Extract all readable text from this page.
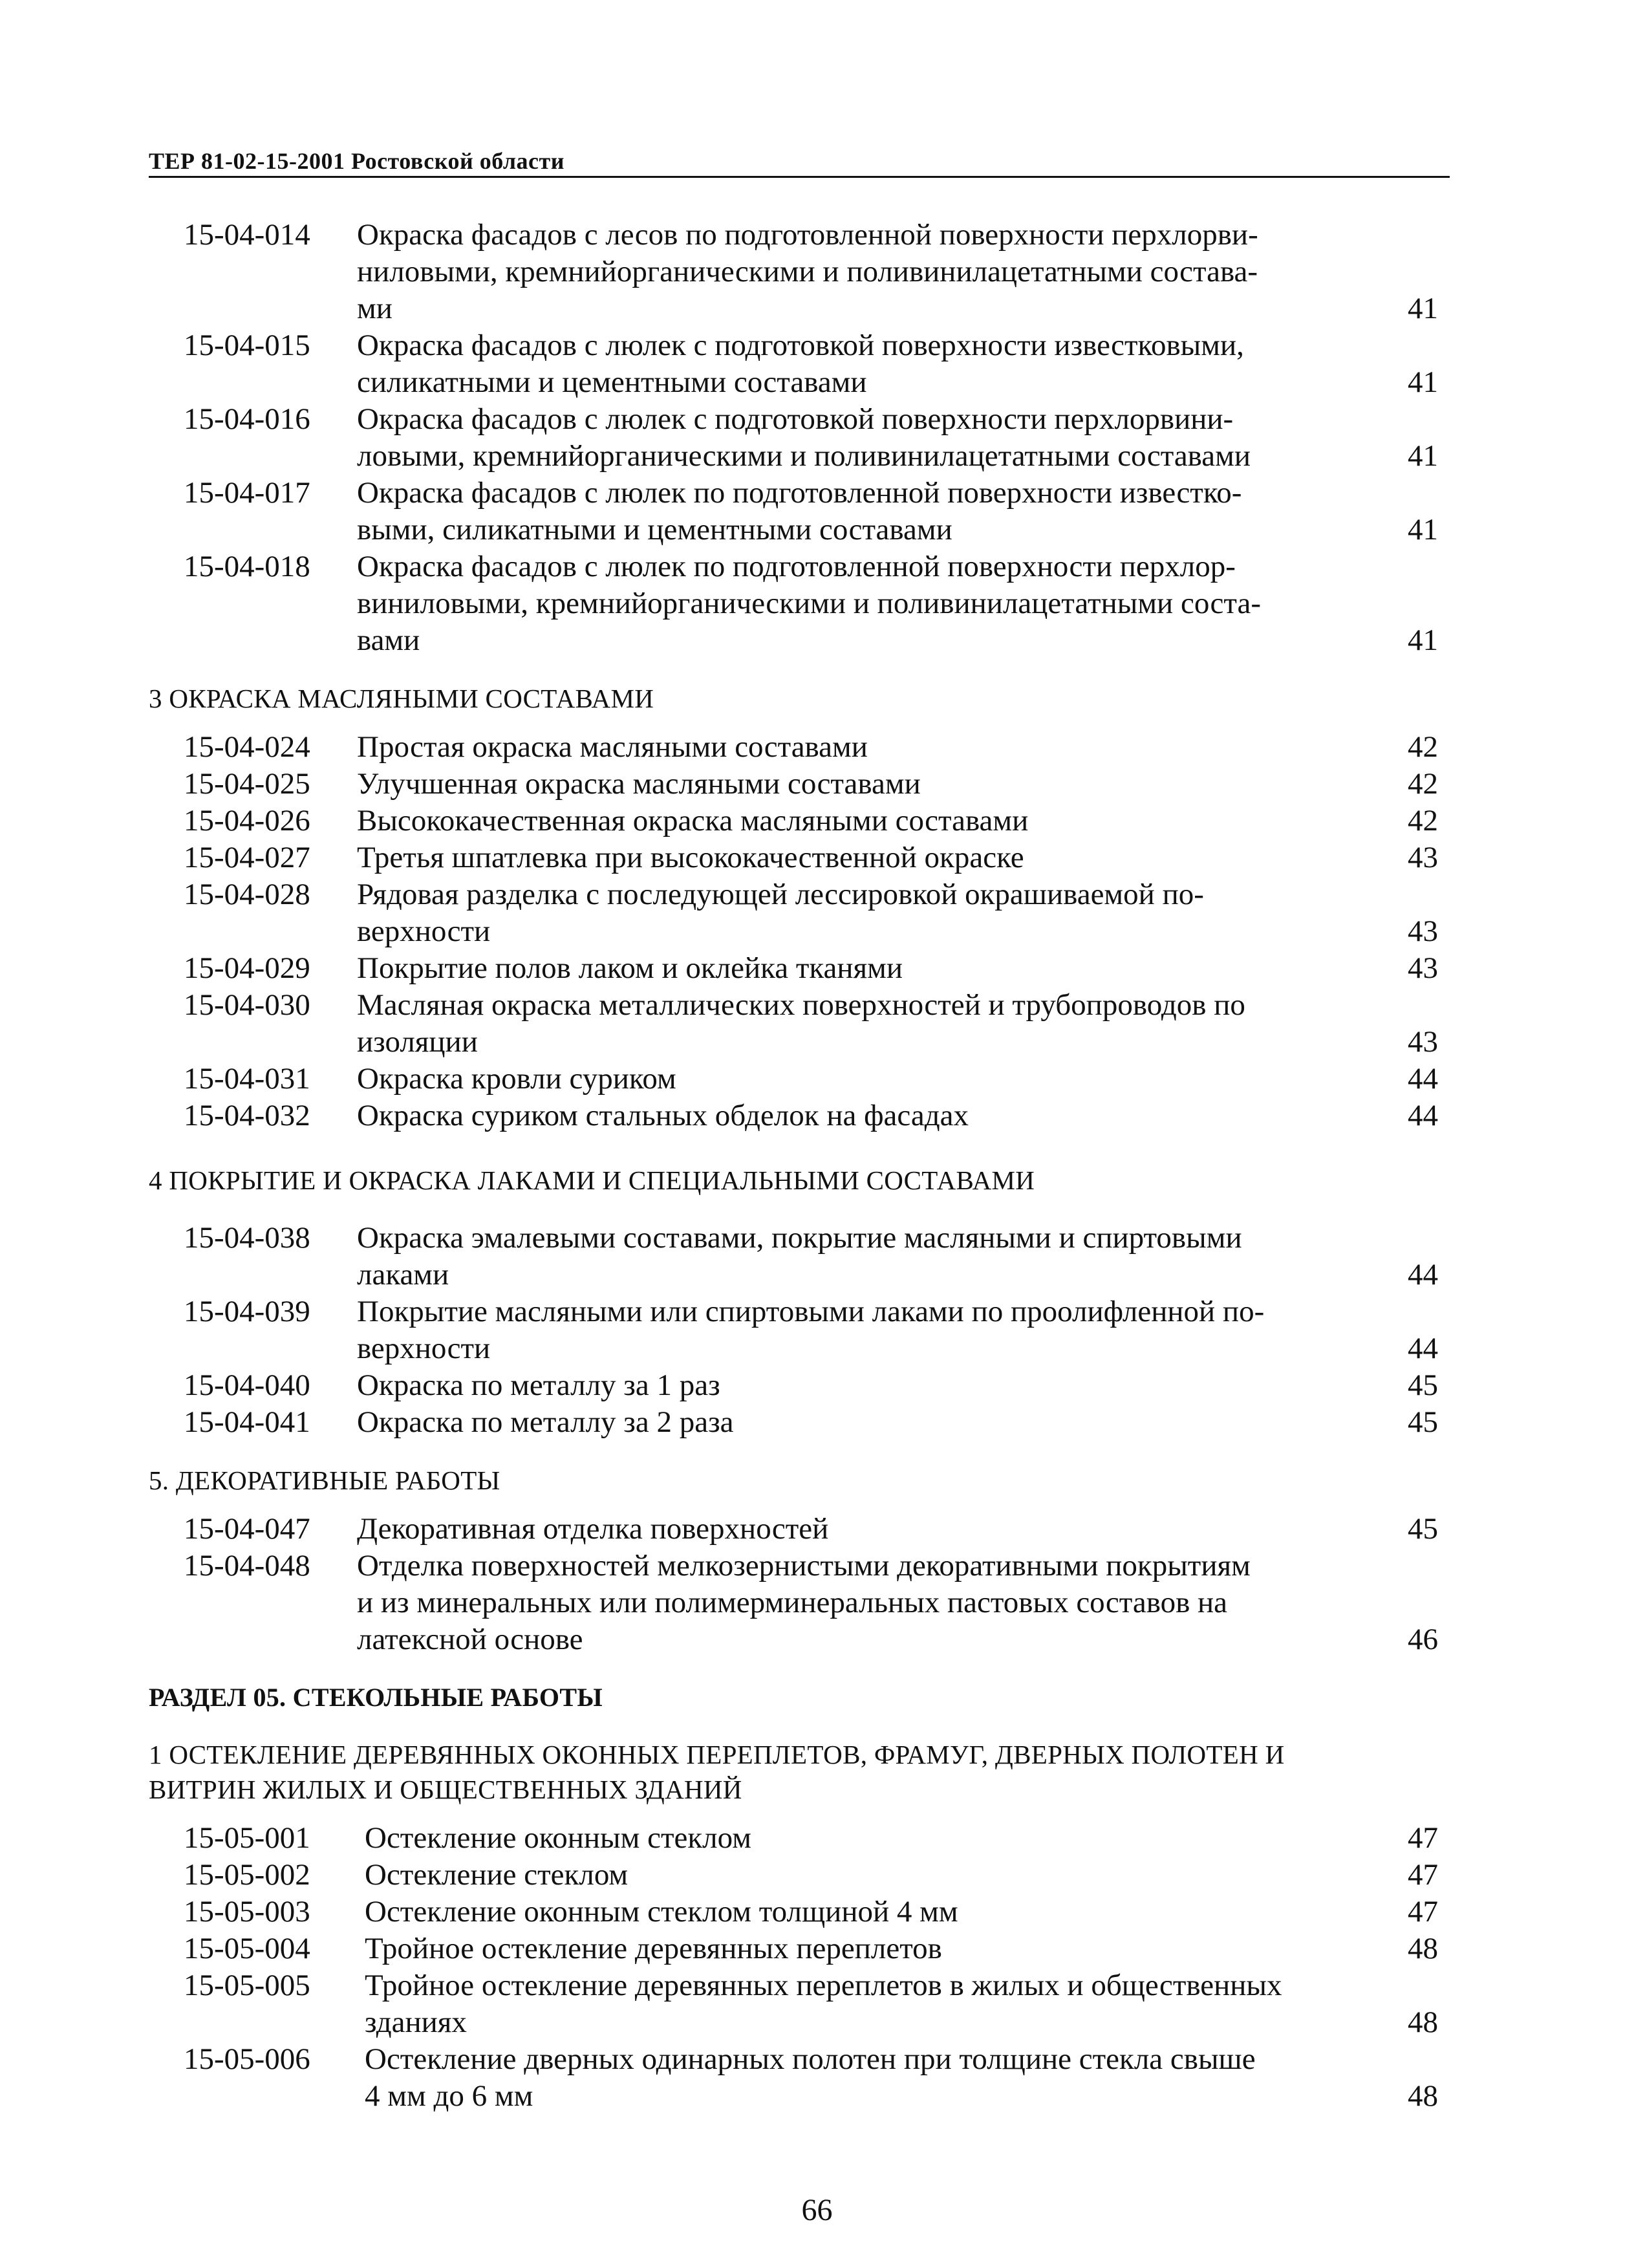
ТЕР 81-02-15-2001 Ростовской области
15-04-014	Окраска фасадов с лесов по подготовленной поверхности перхлорви-
ниловыми, кремнийорганическими и поливинилацетатными состава-
ми	41
15-04-015	Окраска фасадов с люлек с подготовкой поверхности известковыми,
силикатными и цементными составами	41
15-04-016	Окраска фасадов с люлек с подготовкой поверхности перхлорвини-
ловыми, кремнийорганическими и поливинилацетатными составами	41
15-04-017	Окраска фасадов с люлек по подготовленной поверхности известко-
выми, силикатными и цементными составами	41
15-04-018	Окраска фасадов с люлек по подготовленной поверхности перхлор-
виниловыми, кремнийорганическими и поливинилацетатными соста-
вами	41
3 ОКРАСКА МАСЛЯНЫМИ СОСТАВАМИ
15-04-024	Простая окраска масляными составами	42
15-04-025	Улучшенная окраска масляными составами	42
15-04-026	Высококачественная окраска масляными составами	42
15-04-027	Третья шпатлевка при высококачественной окраске	43
15-04-028	Рядовая разделка с последующей лессировкой окрашиваемой по-
верхности	43
15-04-029	Покрытие полов лаком и оклейка тканями	43
15-04-030	Масляная окраска металлических поверхностей и трубопроводов по
изоляции	43
15-04-031	Окраска кровли суриком	44
15-04-032	Окраска суриком стальных обделок на фасадах	44
4 ПОКРЫТИЕ И ОКРАСКА ЛАКАМИ И СПЕЦИАЛЬНЫМИ СОСТАВАМИ
15-04-038	Окраска эмалевыми составами, покрытие масляными и спиртовыми
лаками	44
15-04-039	Покрытие масляными или спиртовыми лаками по проолифленной по-
верхности	44
15-04-040	Окраска по металлу за 1 раз	45
15-04-041	Окраска по металлу за 2 раза	45
5. ДЕКОРАТИВНЫЕ РАБОТЫ
15-04-047	Декоративная отделка поверхностей	45
15-04-048	Отделка поверхностей мелкозернистыми декоративными покрытиям
и из минеральных или полимерминеральных пастовых составов на
латексной основе	46
РАЗДЕЛ 05. СТЕКОЛЬНЫЕ РАБОТЫ
1 ОСТЕКЛЕНИЕ ДЕРЕВЯННЫХ ОКОННЫХ ПЕРЕПЛЕТОВ, ФРАМУГ, ДВЕРНЫХ ПОЛОТЕН И
ВИТРИН ЖИЛЫХ И ОБЩЕСТВЕННЫХ ЗДАНИЙ
15-05-001	Остекление оконным стеклом	47
15-05-002	Остекление стеклом	47
15-05-003	Остекление оконным стеклом толщиной 4 мм	47
15-05-004	Тройное остекление деревянных переплетов	48
15-05-005	Тройное остекление деревянных переплетов в жилых и общественных
зданиях	48
15-05-006	Остекление дверных одинарных полотен при толщине стекла свыше
4 мм до 6 мм	48
66
